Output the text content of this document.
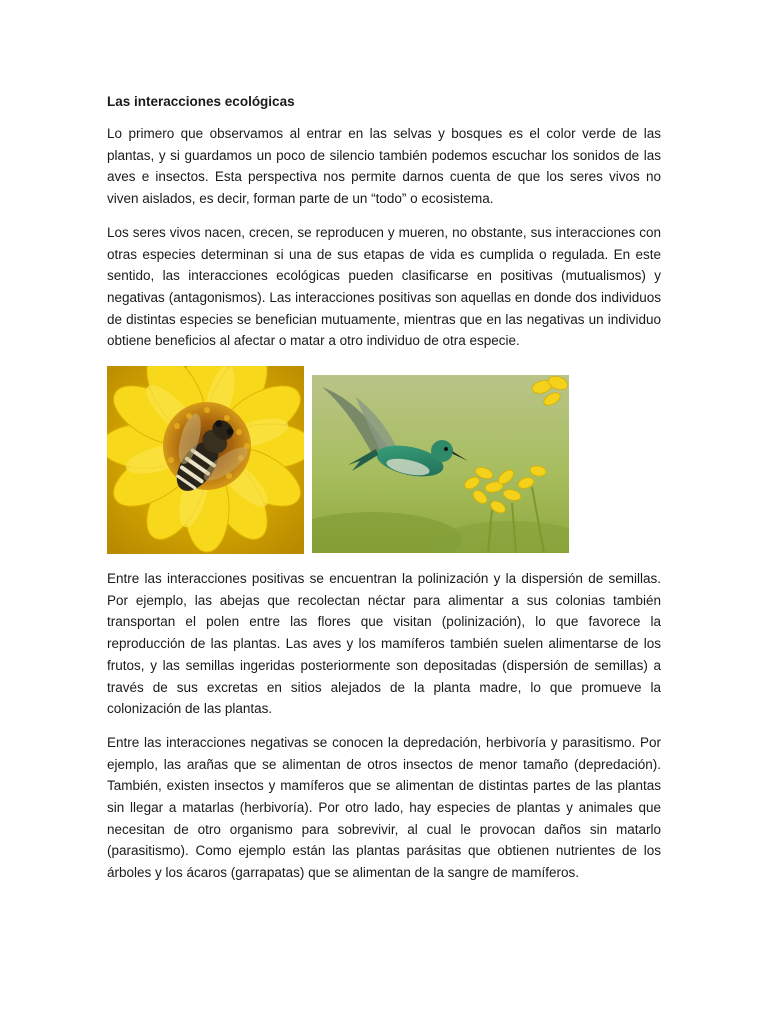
Las interacciones ecológicas

Lo primero que observamos al entrar en las selvas y bosques es el color verde de las plantas, y si guardamos un poco de silencio también podemos escuchar los sonidos de las aves e insectos. Esta perspectiva nos permite darnos cuenta de que los seres vivos no viven aislados, es decir, forman parte de un “todo” o ecosistema.

Los seres vivos nacen, crecen, se reproducen y mueren, no obstante, sus interacciones con otras especies determinan si una de sus etapas de vida es cumplida o regulada. En este sentido, las interacciones ecológicas pueden clasificarse en positivas (mutualismos) y negativas (antagonismos). Las interacciones positivas son aquellas en donde dos individuos de distintas especies se benefician mutuamente, mientras que en las negativas un individuo obtiene beneficios al afectar o matar a otro individuo de otra especie.

Entre las interacciones positivas se encuentran la polinización y la dispersión de semillas. Por ejemplo, las abejas que recolectan néctar para alimentar a sus colonias también transportan el polen entre las flores que visitan (polinización), lo que favorece la reproducción de las plantas. Las aves y los mamíferos también suelen alimentarse de los frutos, y las semillas ingeridas posteriormente son depositadas (dispersión de semillas) a través de sus excretas en sitios alejados de la planta madre, lo que promueve la colonización de las plantas.

Entre las interacciones negativas se conocen la depredación, herbivoría y parasitismo. Por ejemplo, las arañas que se alimentan de otros insectos de menor tamaño (depredación). También, existen insectos y mamíferos que se alimentan de distintas partes de las plantas sin llegar a matarlas (herbivoría). Por otro lado, hay especies de plantas y animales que necesitan de otro organismo para sobrevivir, al cual le provocan daños sin matarlo (parasitismo). Como ejemplo están las plantas parásitas que obtienen nutrientes de los árboles y los ácaros (garrapatas) que se alimentan de la sangre de mamíferos.
